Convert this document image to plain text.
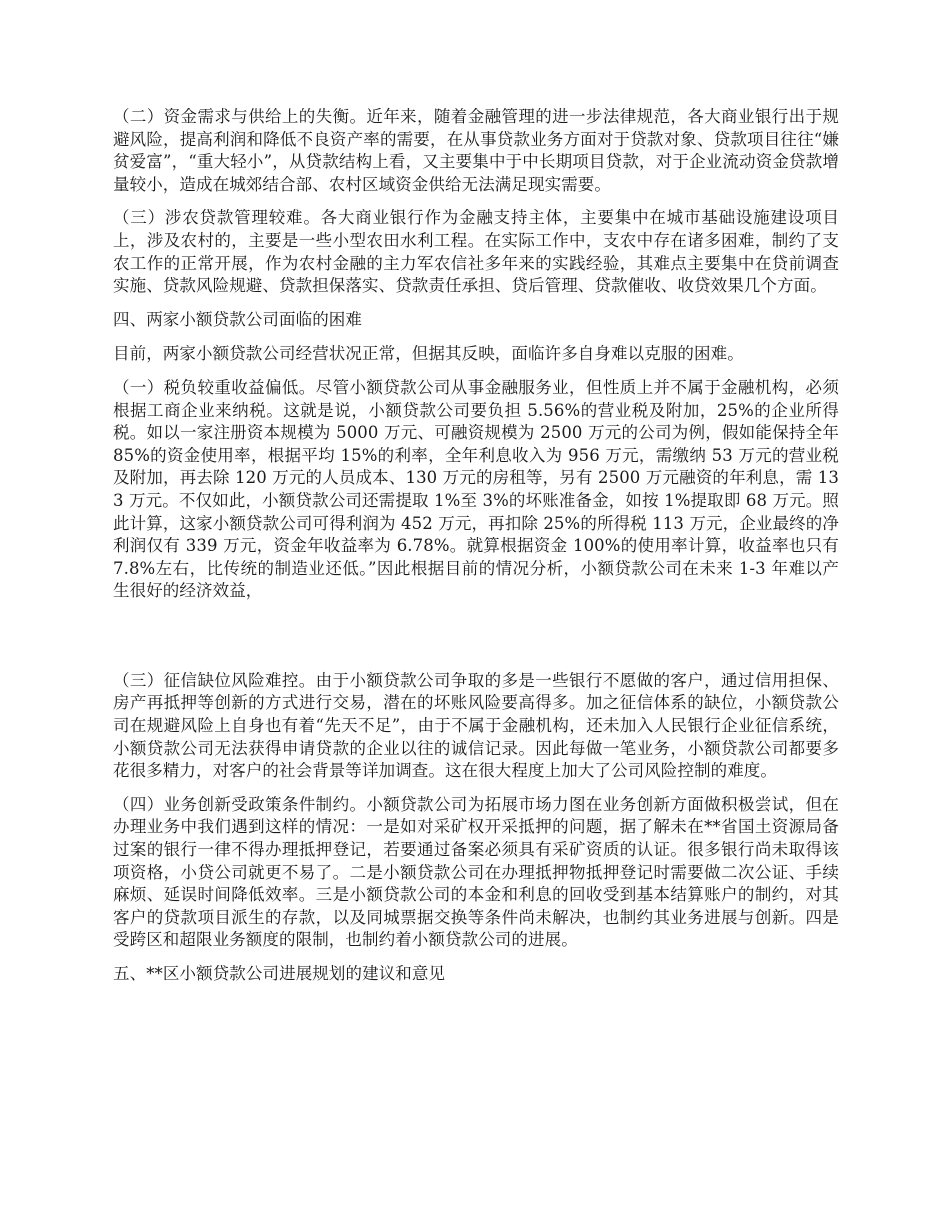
（二）资金需求与供给上的失衡。近年来，随着金融管理的进一步法律规范，各大商业银行出于规避风险，提高利润和降低不良资产率的需要，在从事贷款业务方面对于贷款对象、贷款项目往往“嫌贫爱富”，“重大轻小”，从贷款结构上看，又主要集中于中长期项目贷款，对于企业流动资金贷款增量较小，造成在城郊结合部、农村区域资金供给无法满足现实需要。

（三）涉农贷款管理较难。各大商业银行作为金融支持主体，主要集中在城市基础设施建设项目上，涉及农村的，主要是一些小型农田水利工程。在实际工作中，支农中存在诸多困难，制约了支农工作的正常开展，作为农村金融的主力军农信社多年来的实践经验，其难点主要集中在贷前调查实施、贷款风险规避、贷款担保落实、贷款责任承担、贷后管理、贷款催收、收贷效果几个方面。

四、两家小额贷款公司面临的困难

目前，两家小额贷款公司经营状况正常，但据其反映，面临许多自身难以克服的困难。

（一）税负较重收益偏低。尽管小额贷款公司从事金融服务业，但性质上并不属于金融机构，必须根据工商企业来纳税。这就是说，小额贷款公司要负担 5.56%的营业税及附加，25%的企业所得税。如以一家注册资本规模为 5000 万元、可融资规模为 2500 万元的公司为例，假如能保持全年 85%的资金使用率，根据平均 15%的利率，全年利息收入为 956 万元，需缴纳 53 万元的营业税及附加，再去除 120 万元的人员成本、130 万元的房租等，另有 2500 万元融资的年利息，需 133 万元。不仅如此，小额贷款公司还需提取 1%至 3%的坏账准备金，如按 1%提取即 68 万元。照此计算，这家小额贷款公司可得利润为 452 万元，再扣除 25%的所得税 113 万元，企业最终的净利润仅有 339 万元，资金年收益率为 6.78%。就算根据资金 100%的使用率计算，收益率也只有 7.8%左右，比传统的制造业还低。”因此根据目前的情况分析，小额贷款公司在未来 1-3 年难以产生很好的经济效益，

（三）征信缺位风险难控。由于小额贷款公司争取的多是一些银行不愿做的客户，通过信用担保、房产再抵押等创新的方式进行交易，潜在的坏账风险要高得多。加之征信体系的缺位，小额贷款公司在规避风险上自身也有着“先天不足”，由于不属于金融机构，还未加入人民银行企业征信系统，小额贷款公司无法获得申请贷款的企业以往的诚信记录。因此每做一笔业务，小额贷款公司都要多花很多精力，对客户的社会背景等详加调查。这在很大程度上加大了公司风险控制的难度。

（四）业务创新受政策条件制约。小额贷款公司为拓展市场力图在业务创新方面做积极尝试，但在办理业务中我们遇到这样的情况：一是如对采矿权开采抵押的问题，据了解未在**省国土资源局备过案的银行一律不得办理抵押登记，若要通过备案必须具有采矿资质的认证。很多银行尚未取得该项资格，小贷公司就更不易了。二是小额贷款公司在办理抵押物抵押登记时需要做二次公证、手续麻烦、延误时间降低效率。三是小额贷款公司的本金和利息的回收受到基本结算账户的制约，对其客户的贷款项目派生的存款，以及同城票据交换等条件尚未解决，也制约其业务进展与创新。四是受跨区和超限业务额度的限制，也制约着小额贷款公司的进展。

五、**区小额贷款公司进展规划的建议和意见
